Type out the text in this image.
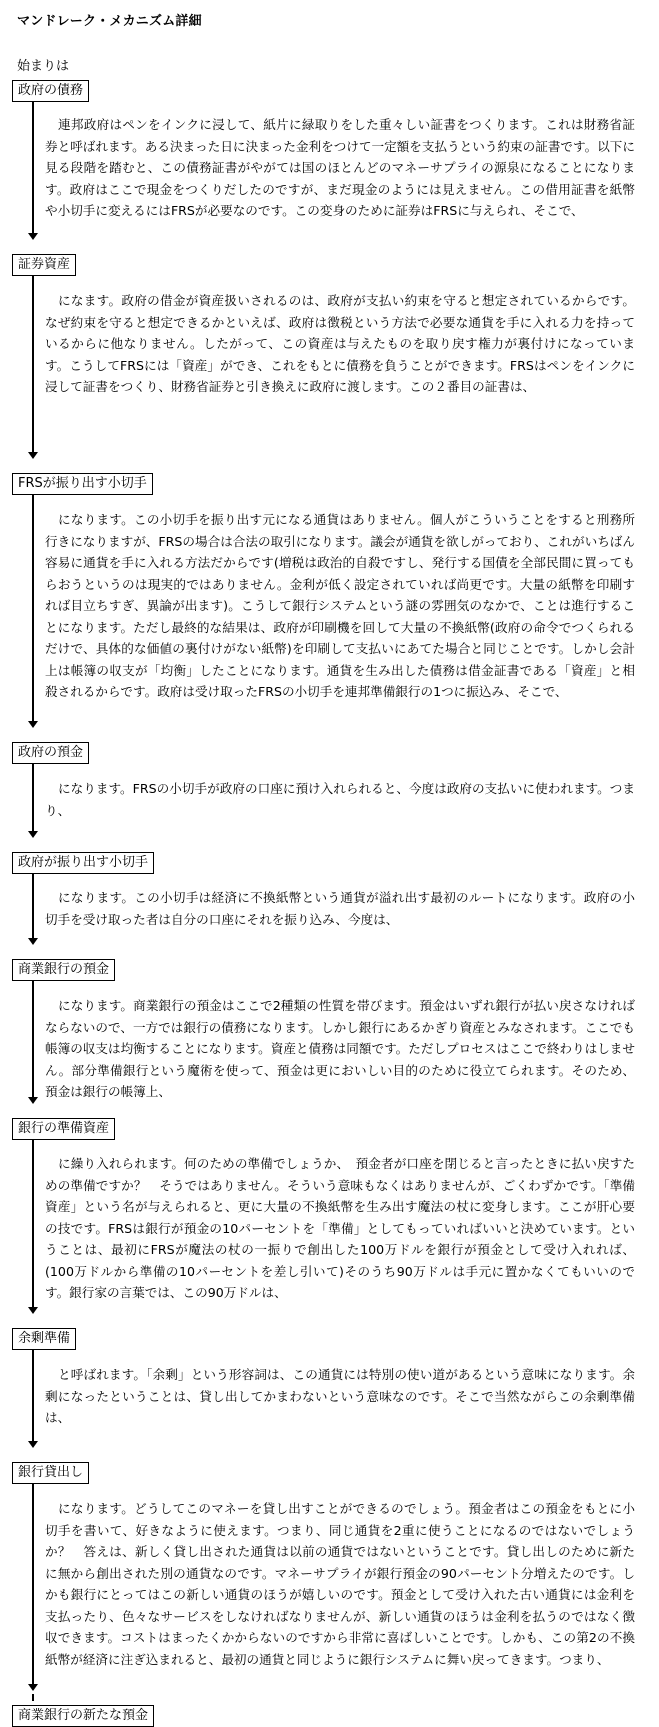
マンドレーク・メカニズム詳細
始まりは
政府の債務
証券資産
FRSが振り出す小切手
政府の預金
政府が振り出す小切手
商業銀行の預金
銀行の準備資産
余剰準備
銀行貸出し
商業銀行の新たな預金

連邦政府はペンをインクに浸して、紙片に緑取りをした重々しい証書をつくります。これは財務省証券と呼ばれます。ある決まった日に決まった金利をつけて一定額を支払うという約束の証書です。以下に見る段階を踏むと、この債務証書がやがては国のほとんどのマネーサプライの源泉になることになります。政府はここで現金をつくりだしたのですが、まだ現金のようには見えません。この借用証書を紙幣や小切手に変えるにはFRSが必要なのです。この変身のために証券はFRSに与えられ、そこで、

になます。政府の借金が資産扱いされるのは、政府が支払い約束を守ると想定されているからです。なぜ約束を守ると想定できるかといえば、政府は徴税という方法で必要な通貨を手に入れる力を持っているからに他なりません。したがって、この資産は与えたものを取り戻す権力が裏付けになっています。こうしてFRSには「資産」ができ、これをもとに債務を負うことができます。FRSはペンをインクに浸して証書をつくり、財務省証券と引き換えに政府に渡します。この２番目の証書は、

になります。この小切手を振り出す元になる通貨はありません。個人がこういうことをすると刑務所行きになりますが、FRSの場合は合法の取引になります。議会が通貨を欲しがっており、これがいちばん容易に通貨を手に入れる方法だからです(増税は政治的自殺ですし、発行する国債を全部民間に買ってもらおうというのは現実的ではありません。金利が低く設定されていれば尚更です。大量の紙幣を印刷すれば目立ちすぎ、異論が出ます)。こうして銀行システムという謎の雰囲気のなかで、ことは進行することになります。ただし最終的な結果は、政府が印刷機を回して大量の不換紙幣(政府の命令でつくられるだけで、具体的な価値の裏付けがない紙幣)を印刷して支払いにあてた場合と同じことです。しかし会計上は帳簿の収支が「均衡」したことになります。通貨を生み出した債務は借金証書である「資産」と相殺されるからです。政府は受け取ったFRSの小切手を連邦準備銀行の1つに振込み、そこで、

になります。FRSの小切手が政府の口座に預け入れられると、今度は政府の支払いに使われます。つまり、

になります。この小切手は経済に不換紙幣という通貨が溢れ出す最初のルートになります。政府の小切手を受け取った者は自分の口座にそれを振り込み、今度は、

になります。商業銀行の預金はここで2種類の性質を帯びます。預金はいずれ銀行が払い戻さなければならないので、一方では銀行の債務になります。しかし銀行にあるかぎり資産とみなされます。ここでも帳簿の収支は均衡することになります。資産と債務は同額です。ただしプロセスはここで終わりはしません。部分準備銀行という魔術を使って、預金は更においしい目的のために役立てられます。そのため、預金は銀行の帳簿上、

に繰り入れられます。何のための準備でしょうか、　預金者が口座を閉じると言ったときに払い戻すための準備ですか？　そうではありません。そういう意味もなくはありませんが、ごくわずかです。「準備資産」という名が与えられると、更に大量の不換紙幣を生み出す魔法の杖に変身します。ここが肝心要の技です。FRSは銀行が預金の10パーセントを「準備」としてもっていればいいと決めています。ということは、最初にFRSが魔法の杖の一振りで創出した100万ドルを銀行が預金として受け入れれば、(100万ドルから準備の10パーセントを差し引いて)そのうち90万ドルは手元に置かなくてもいいのです。銀行家の言葉では、この90万ドルは、

と呼ばれます。「余剰」という形容詞は、この通貨には特別の使い道があるという意味になります。余剰になったということは、貸し出してかまわないという意味なのです。そこで当然ながらこの余剰準備は、

になります。どうしてこのマネーを貸し出すことができるのでしょう。預金者はこの預金をもとに小切手を書いて、好きなように使えます。つまり、同じ通貨を2重に使うことになるのではないでしょうか？　答えは、新しく貸し出された通貨は以前の通貨ではないということです。貸し出しのために新たに無から創出された別の通貨なのです。マネーサプライが銀行預金の90パーセント分増えたのです。しかも銀行にとってはこの新しい通貨のほうが嬉しいのです。預金として受け入れた古い通貨には金利を支払ったり、色々なサービスをしなければなりませんが、新しい通貨のほうは金利を払うのではなく徴収できます。コストはまったくかからないのですから非常に喜ばしいことです。しかも、この第2の不換紙幣が経済に注ぎ込まれると、最初の通貨と同じように銀行システムに舞い戻ってきます。つまり、
